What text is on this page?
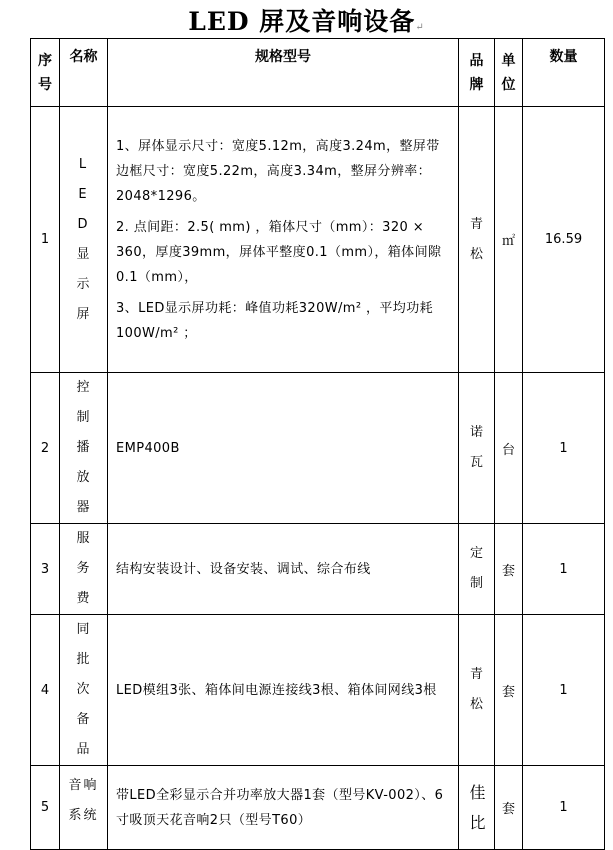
LED 屏及音响设备↵
序号	名称	规格型号	品牌	单位	数量
1	LED显示屏	1、屏体显示尺寸：宽度5.12m，高度3.24m，整屏带边框尺寸：宽度5.22m，高度3.34m，整屏分辨率：2048*1296。

2. 点间距：2.5( mm) ，箱体尺寸（mm）：320 × 360，厚度39mm，屏体平整度0.1（mm），箱体间隙0.1（mm），

3、LED显示屏功耗：峰值功耗320W/m² ，平均功耗100W/m² ；	青松	㎡	16.59
2	控制播放器	EMP400B	诺瓦	台	1
3	服务费	结构安装设计、设备安装、调试、综合布线	定制	套	1
4	同批次备品	LED模组3张、箱体间电源连接线3根、箱体间网线3根	青松	套	1
5	音响系统	带LED全彩显示合并功率放大器1套（型号KV-002）、6寸吸顶天花音响2只（型号T60）	佳比	套	1
